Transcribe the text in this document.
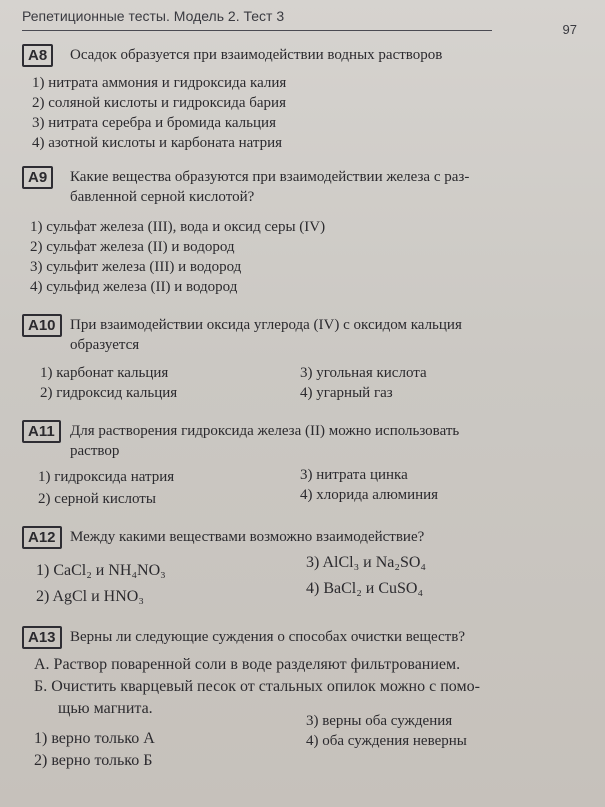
Репетиционные тесты. Модель 2. Тест 3
97
A8	Осадок образуется при взаимодействии водных растворов
1) нитрата аммония и гидроксида калия
2) соляной кислоты и гидроксида бария
3) нитрата серебра и бромида кальция
4) азотной кислоты и карбоната натрия
A9	Какие вещества образуются при взаимодействии железа с раз-
бавленной серной кислотой?
1) сульфат железа (III), вода и оксид серы (IV)
2) сульфат железа (II) и водород
3) сульфит железа (III) и водород
4) сульфид железа (II) и водород
A10 При взаимодействии оксида углерода (IV) с оксидом кальция
образуется
1) карбонат кальция
2) гидроксид кальция
3) угольная кислота
4) угарный газ
A11	Для растворения гидроксида железа (II) можно использовать
раствор
1) гидроксида натрия
2) серной кислоты
3) нитрата цинка
4) хлорида алюминия
A12 Между какими веществами возможно взаимодействие?
1) CaCl₂ и NH₄NO₃
2) AgCl и HNO₃
3) AlCl₃ и Na₂SO₄
4) BaCl₂ и CuSO₄
A13 Верны ли следующие суждения о способах очистки веществ?
А. Раствор поваренной соли в воде разделяют фильтрованием.
Б. Очистить кварцевый песок от стальных опилок можно с помо-
щью магнита.
1) верно только А
2) верно только Б
3) верны оба суждения
4) оба суждения неверны
